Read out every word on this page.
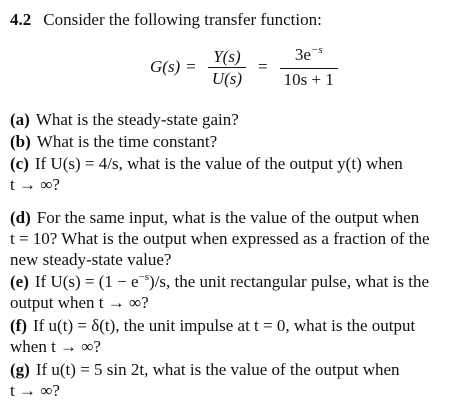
4.2 Consider the following transfer function:
$G(s) = \frac{Y(s)}{U(s)} = \frac{3e^{-s}}{10s + 1}$
(a) What is the steady-state gain?
(b) What is the time constant?
(c) If U(s) = 4/s, what is the value of the output y(t) when
t → ∞?
(d) For the same input, what is the value of the output when
t = 10? What is the output when expressed as a fraction of the
new steady-state value?
(e) If $U(s) = (1 - e^{-s})/s$, the unit rectangular pulse, what is the
output when t → ∞?
(f) If u(t) = δ(t), the unit impulse at t = 0, what is the output
when t → ∞?
(g) If u(t) = 5 sin 2t, what is the value of the output when
t → ∞?
